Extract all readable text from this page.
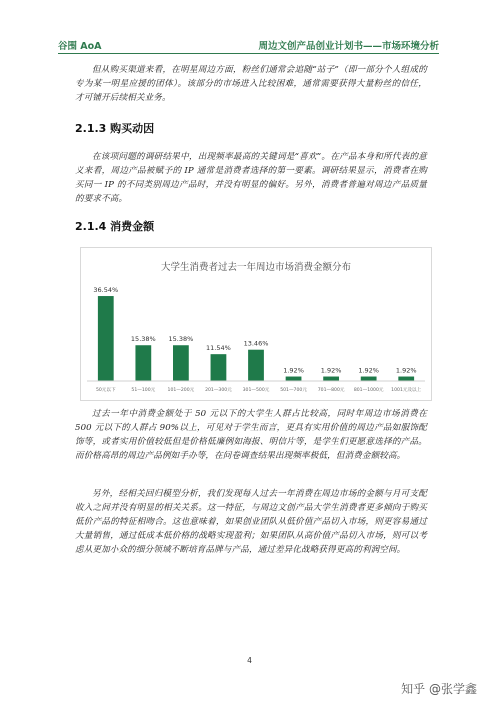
谷围 AoA	周边文创产品创业计划书——市场环境分析
但从购买渠道来看，在明星周边方面，粉丝们通常会追随“站子”（即一部分个人组成的专为某一明星应援的团体）。该部分的市场进入比较困难，通常需要获得大量粉丝的信任，才可铺开后续相关业务。
2.1.3 购买动因
在该项问题的调研结果中，出现频率最高的关键词是“喜欢”。在产品本身和所代表的意义来看，周边产品被赋予的 IP 通常是消费者选择的第一要素。调研结果显示，消费者在购买同一 IP 的不同类别周边产品时，并没有明显的偏好。另外，消费者普遍对周边产品质量的要求不高。
2.1.4 消费金额
大学生消费者过去一年周边市场消费金额分布
36.54%
50元以下
15.38%
51—100元
15.38%
101—200元
11.54%
201—300元
13.46%
301—500元
1.92%
501—700元
1.92%
701—800元
1.92%
801—1000元
1.92%
1001元及以上
过去一年中消费金额处于 50 元以下的大学生人群占比较高，同时年周边市场消费在 500 元以下的人群占 90%以上，可见对于学生而言，更具有实用价值的周边产品如服饰配饰等，或者实用价值较低但是价格低廉例如海报、明信片等，是学生们更愿意选择的产品。而价格高昂的周边产品例如手办等，在问卷调查结果出现频率极低，但消费金额较高。
另外，经相关回归模型分析，我们发现每人过去一年消费在周边市场的金额与月可支配收入之间并没有明显的相关关系。这一特征，与周边文创产品大学生消费者更多倾向于购买低价产品的特征相吻合。这也意味着，如果创业团队从低价值产品切入市场，则更容易通过大量销售，通过低成本低价格的战略实现盈利；如果团队从高价值产品切入市场，则可以考虑从更加小众的细分领域不断培育品牌与产品，通过差异化战略获得更高的利润空间。
4
知乎 @张学鑫
